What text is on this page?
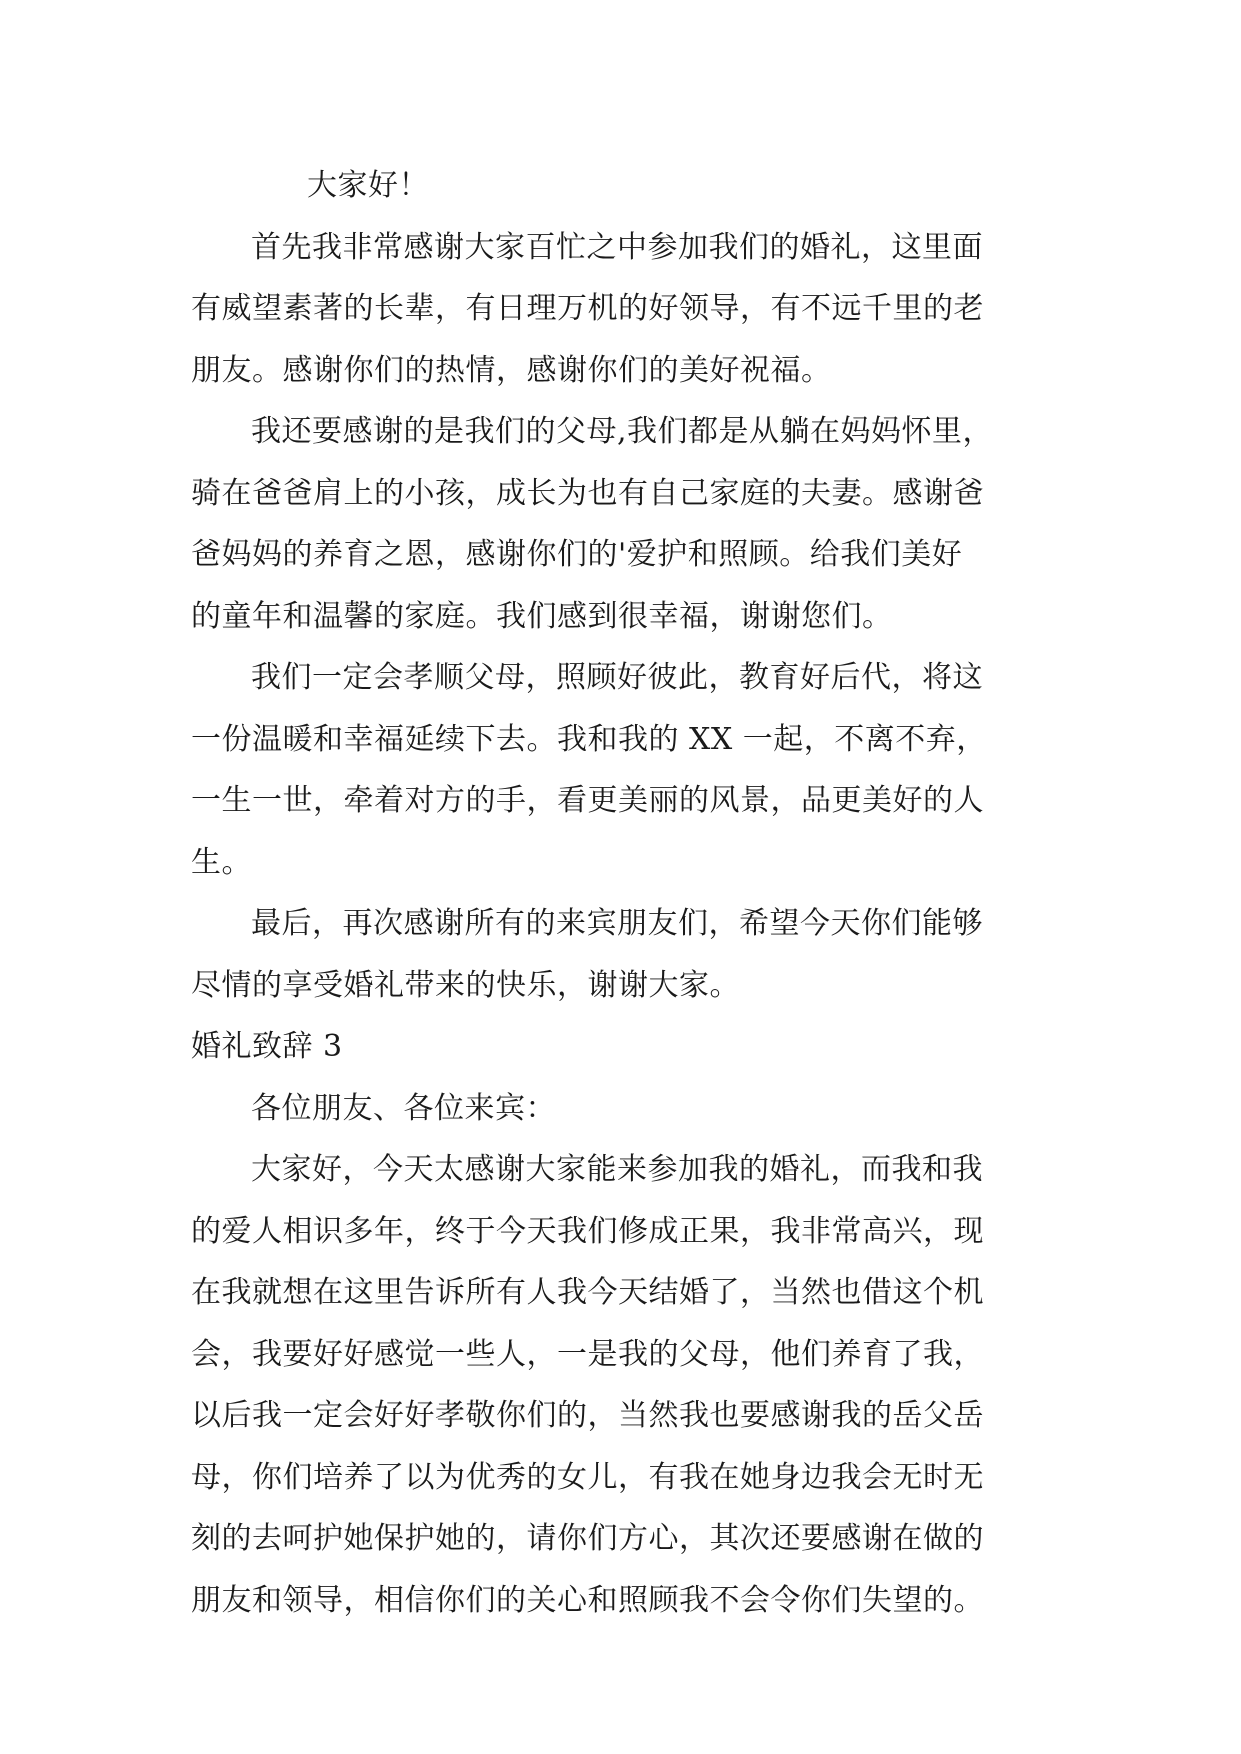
大家好！
首先我非常感谢大家百忙之中参加我们的婚礼，这里面
有威望素著的长辈，有日理万机的好领导，有不远千里的老
朋友。感谢你们的热情，感谢你们的美好祝福。
我还要感谢的是我们的父母,我们都是从躺在妈妈怀里，
骑在爸爸肩上的小孩，成长为也有自己家庭的夫妻。感谢爸
爸妈妈的养育之恩，感谢你们的'爱护和照顾。给我们美好
的童年和温馨的家庭。我们感到很幸福，谢谢您们。
我们一定会孝顺父母，照顾好彼此，教育好后代，将这
一份温暖和幸福延续下去。我和我的 XX 一起，不离不弃，
一生一世，牵着对方的手，看更美丽的风景，品更美好的人
生。
最后，再次感谢所有的来宾朋友们，希望今天你们能够
尽情的享受婚礼带来的快乐，谢谢大家。
婚礼致辞 3
各位朋友、各位来宾：
大家好，今天太感谢大家能来参加我的婚礼，而我和我
的爱人相识多年，终于今天我们修成正果，我非常高兴，现
在我就想在这里告诉所有人我今天结婚了，当然也借这个机
会，我要好好感觉一些人，一是我的父母，他们养育了我，
以后我一定会好好孝敬你们的，当然我也要感谢我的岳父岳
母，你们培养了以为优秀的女儿，有我在她身边我会无时无
刻的去呵护她保护她的，请你们方心，其次还要感谢在做的
朋友和领导，相信你们的关心和照顾我不会令你们失望的。
